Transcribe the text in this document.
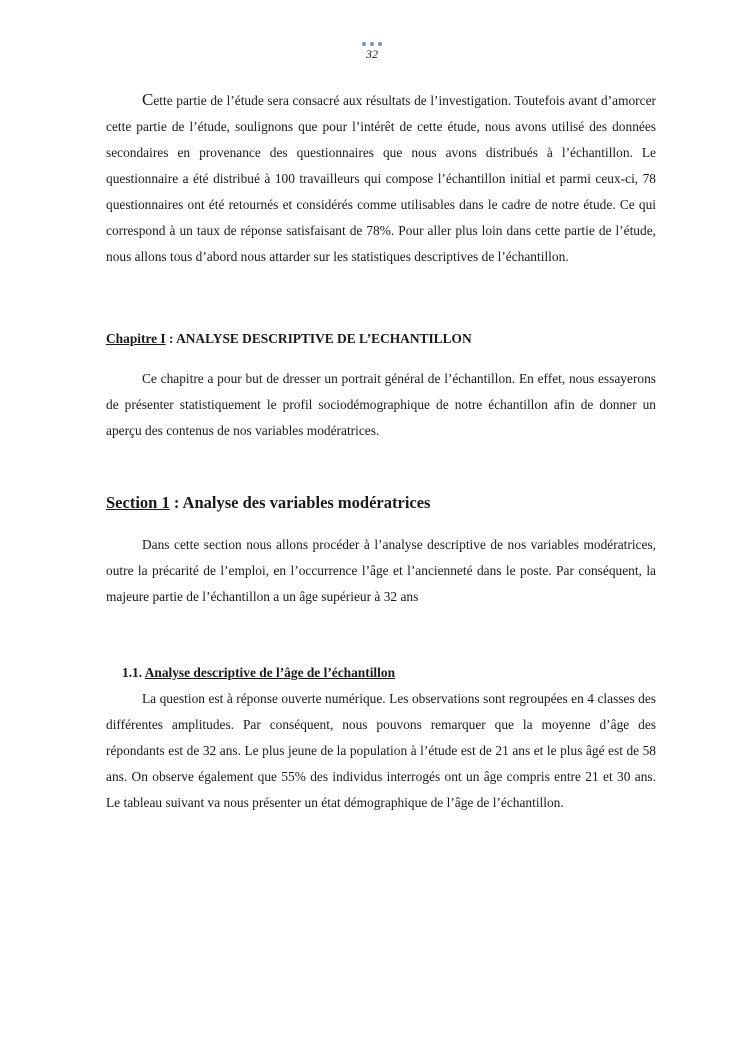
32

Cette partie de l’étude sera consacré aux résultats de l’investigation. Toutefois avant d’amorcer cette partie de l’étude, soulignons que pour l’intérêt de cette étude, nous avons utilisé des données secondaires en provenance des questionnaires que nous avons distribués à l’échantillon. Le questionnaire a été distribué à 100 travailleurs qui compose l’échantillon initial et parmi ceux-ci, 78 questionnaires ont été retournés et considérés comme utilisables dans le cadre de notre étude. Ce qui correspond à un taux de réponse satisfaisant de 78%. Pour aller plus loin dans cette partie de l’étude, nous allons tous d’abord nous attarder sur les statistiques descriptives de l’échantillon.

Chapitre I : ANALYSE DESCRIPTIVE DE L’ECHANTILLON

Ce chapitre a pour but de dresser un portrait général de l’échantillon. En effet, nous essayerons de présenter statistiquement le profil sociodémographique de notre échantillon afin de donner un aperçu des contenus de nos variables modératrices.

Section 1 : Analyse des variables modératrices

Dans cette section nous allons procéder à l’analyse descriptive de nos variables modératrices, outre la précarité de l’emploi, en l’occurrence l’âge et l’ancienneté dans le poste. Par conséquent, la majeure partie de l’échantillon a un âge supérieur à 32 ans

1.1. Analyse descriptive de l’âge de l’échantillon

La question est à réponse ouverte numérique. Les observations sont regroupées en 4 classes des différentes amplitudes. Par conséquent, nous pouvons remarquer que la moyenne d’âge des répondants est de 32 ans. Le plus jeune de la population à l’étude est de 21 ans et le plus âgé est de 58 ans. On observe également que 55% des individus interrogés ont un âge compris entre 21 et 30 ans. Le tableau suivant va nous présenter un état démographique de l’âge de l’échantillon.
